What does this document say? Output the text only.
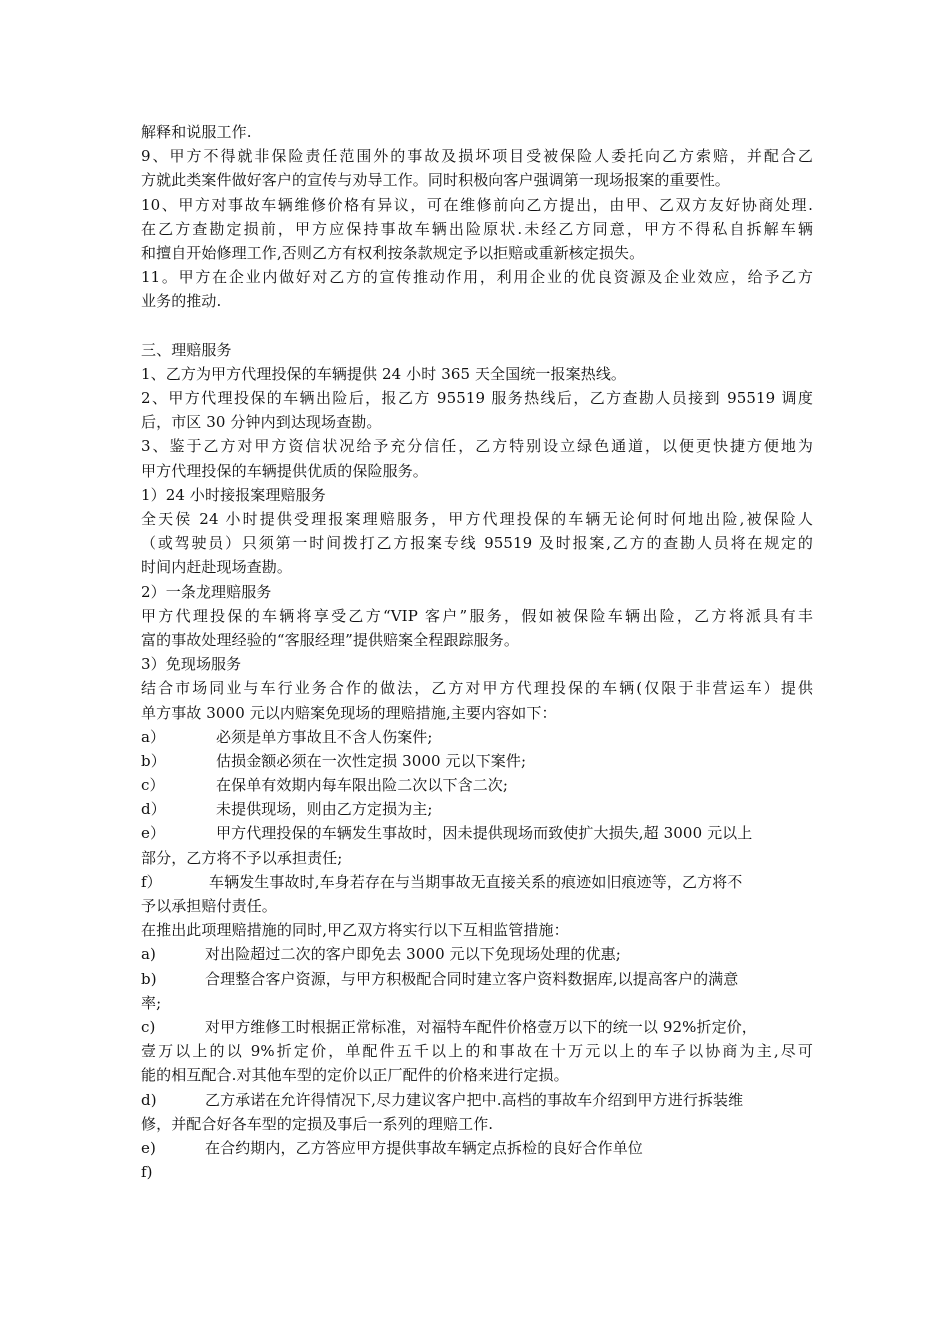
解释和说服工作.
9、甲方不得就非保险责任范围外的事故及损坏项目受被保险人委托向乙方索赔，并配合乙
方就此类案件做好客户的宣传与劝导工作。同时积极向客户强调第一现场报案的重要性。
10、甲方对事故车辆维修价格有异议，可在维修前向乙方提出，由甲、乙双方友好协商处理.
在乙方查勘定损前，甲方应保持事故车辆出险原状.未经乙方同意，甲方不得私自拆解车辆
和擅自开始修理工作,否则乙方有权利按条款规定予以拒赔或重新核定损失。
11。甲方在企业内做好对乙方的宣传推动作用，利用企业的优良资源及企业效应，给予乙方
业务的推动.
三、理赔服务
1、乙方为甲方代理投保的车辆提供 24 小时 365 天全国统一报案热线。
2、甲方代理投保的车辆出险后，报乙方 95519 服务热线后，乙方查勘人员接到 95519 调度
后，市区 30 分钟内到达现场查勘。
3、鉴于乙方对甲方资信状况给予充分信任，乙方特别设立绿色通道，以便更快捷方便地为
甲方代理投保的车辆提供优质的保险服务。
1）24 小时接报案理赔服务
全天侯 24 小时提供受理报案理赔服务，甲方代理投保的车辆无论何时何地出险,被保险人
（或驾驶员）只须第一时间拨打乙方报案专线 95519 及时报案,乙方的查勘人员将在规定的
时间内赶赴现场查勘。
2）一条龙理赔服务
甲方代理投保的车辆将享受乙方“VIP 客户”服务，假如被保险车辆出险，乙方将派具有丰
富的事故处理经验的“客服经理”提供赔案全程跟踪服务。
3）免现场服务
结合市场同业与车行业务合作的做法，乙方对甲方代理投保的车辆(仅限于非营运车）提供
单方事故 3000 元以内赔案免现场的理赔措施,主要内容如下：
a）	必须是单方事故且不含人伤案件;
b）	估损金额必须在一次性定损 3000 元以下案件;
c）	在保单有效期内每车限出险二次以下含二次;
d）	未提供现场，则由乙方定损为主;
e）	甲方代理投保的车辆发生事故时，因未提供现场而致使扩大损失,超 3000 元以上
部分，乙方将不予以承担责任;
f）	车辆发生事故时,车身若存在与当期事故无直接关系的痕迹如旧痕迹等，乙方将不
予以承担赔付责任。
在推出此项理赔措施的同时,甲乙双方将实行以下互相监管措施：
a)	对出险超过二次的客户即免去 3000 元以下免现场处理的优惠;
b)	合理整合客户资源，与甲方积极配合同时建立客户资料数据库,以提高客户的满意
率;
c)	对甲方维修工时根据正常标准，对福特车配件价格壹万以下的统一以 92%折定价，
壹万以上的以 9%折定价，单配件五千以上的和事故在十万元以上的车子以协商为主,尽可
能的相互配合.对其他车型的定价以正厂配件的价格来进行定损。
d)	乙方承诺在允许得情况下,尽力建议客户把中.高档的事故车介绍到甲方进行拆装维
修，并配合好各车型的定损及事后一系列的理赔工作.
e)	在合约期内，乙方答应甲方提供事故车辆定点拆检的良好合作单位
f)
